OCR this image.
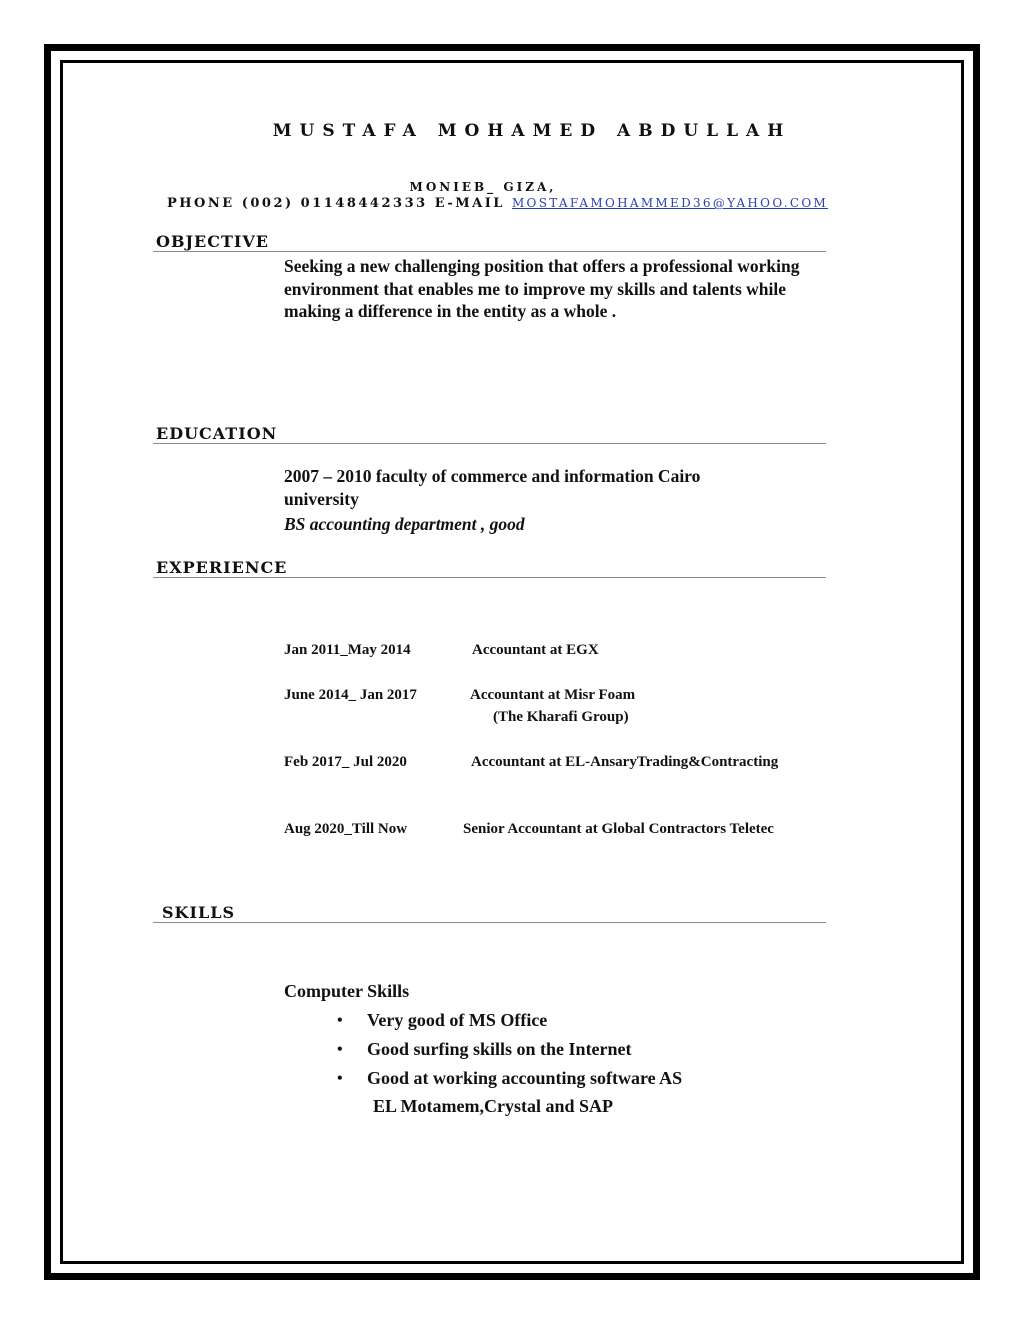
MUSTAFA MOHAMED ABDULLAH
MONIEB_ GIZA,
PHONE (002) 01148442333 E-MAIL MOSTAFAMOHAMMED36@YAHOO.COM
OBJECTIVE
Seeking a new challenging position that offers a professional working environment that enables me to improve my skills and talents while making a difference in the entity as a whole .
EDUCATION
2007 – 2010 faculty of commerce and information Cairo
university
BS accounting department , good
EXPERIENCE
Jan 2011_May 2014	Accountant at EGX
June 2014_ Jan 2017	Accountant at Misr Foam
(The Kharafi Group)
Feb 2017_ Jul 2020	Accountant at EL-AnsaryTrading&Contracting
Aug 2020_Till Now	Senior Accountant at Global Contractors Teletec
SKILLS
Computer Skills
• Very good of MS Office
• Good surfing skills on the Internet
• Good at working accounting software AS
EL Motamem,Crystal and SAP
